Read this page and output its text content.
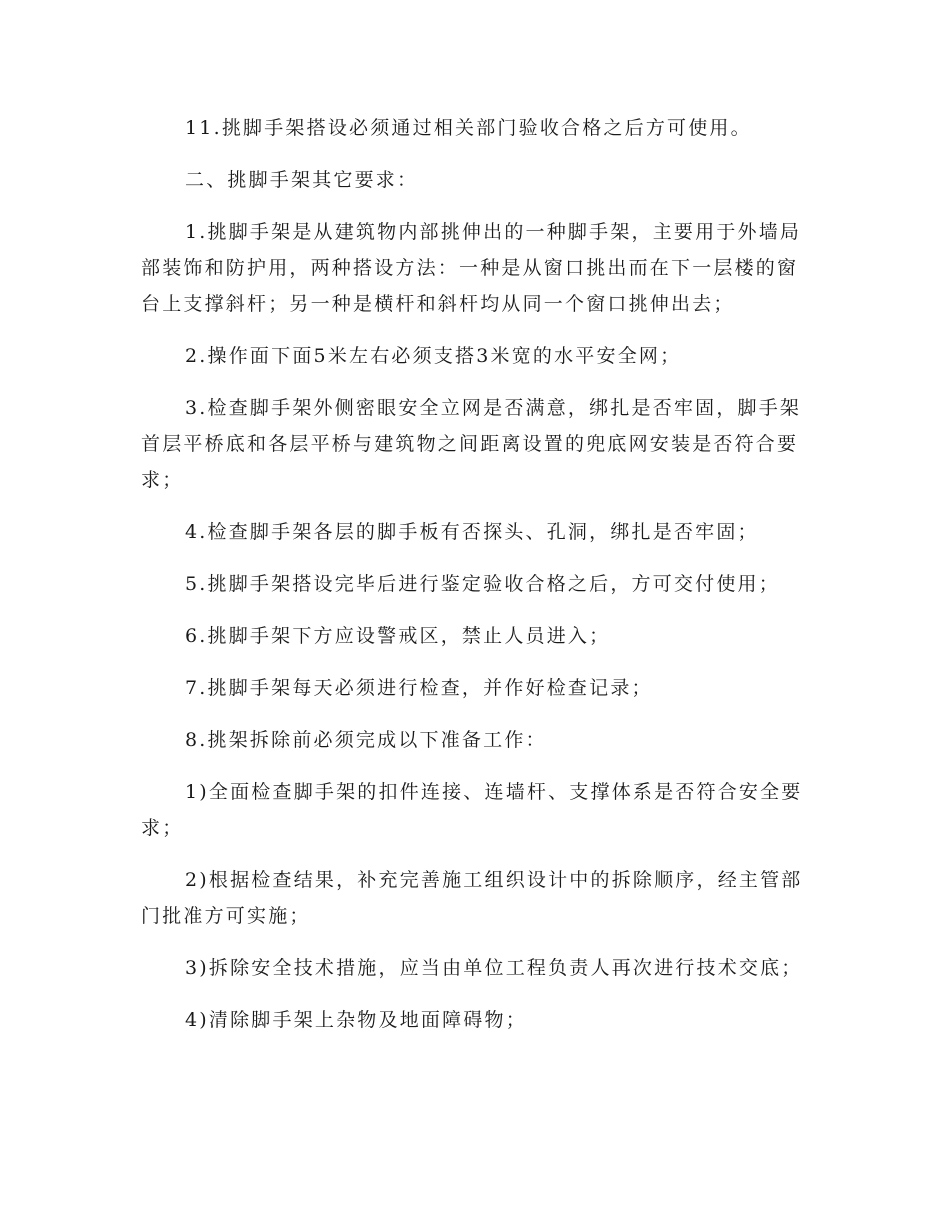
11.挑脚手架搭设必须通过相关部门验收合格之后方可使用。

二、挑脚手架其它要求：

1.挑脚手架是从建筑物内部挑伸出的一种脚手架，主要用于外墙局部装饰和防护用，两种搭设方法：一种是从窗口挑出而在下一层楼的窗台上支撑斜杆；另一种是横杆和斜杆均从同一个窗口挑伸出去；

2.操作面下面5米左右必须支搭3米宽的水平安全网；

3.检查脚手架外侧密眼安全立网是否满意，绑扎是否牢固，脚手架首层平桥底和各层平桥与建筑物之间距离设置的兜底网安装是否符合要求；

4.检查脚手架各层的脚手板有否探头、孔洞，绑扎是否牢固；

5.挑脚手架搭设完毕后进行鉴定验收合格之后，方可交付使用；

6.挑脚手架下方应设警戒区，禁止人员进入；

7.挑脚手架每天必须进行检查，并作好检查记录；

8.挑架拆除前必须完成以下准备工作：

1)全面检查脚手架的扣件连接、连墙杆、支撑体系是否符合安全要求；

2)根据检查结果，补充完善施工组织设计中的拆除顺序，经主管部门批准方可实施；

3)拆除安全技术措施，应当由单位工程负责人再次进行技术交底；

4)清除脚手架上杂物及地面障碍物；
